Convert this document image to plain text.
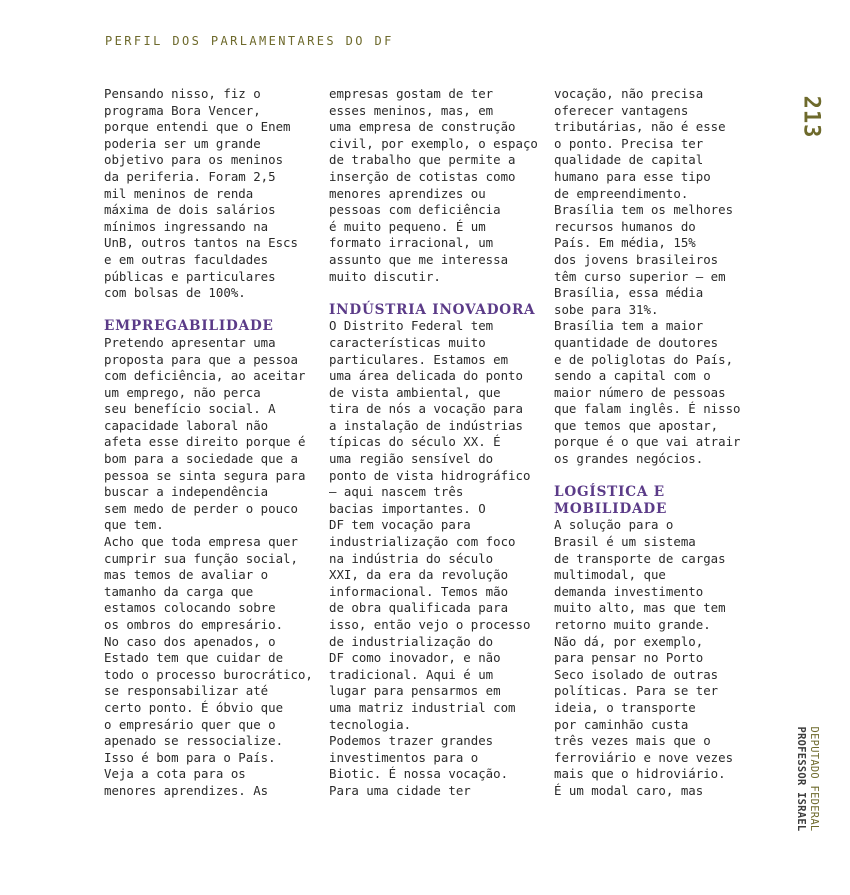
PERFIL DOS PARLAMENTARES DO DF
213
DEPUTADO FEDERAL
PROFESSOR ISRAEL
Pensando nisso, fiz o
programa Bora Vencer,
porque entendi que o Enem
poderia ser um grande
objetivo para os meninos
da periferia. Foram 2,5
mil meninos de renda
máxima de dois salários
mínimos ingressando na
UnB, outros tantos na Escs
e em outras faculdades
públicas e particulares
com bolsas de 100%.
EMPREGABILIDADE
Pretendo apresentar uma
proposta para que a pessoa
com deficiência, ao aceitar
um emprego, não perca
seu benefício social. A
capacidade laboral não
afeta esse direito porque é
bom para a sociedade que a
pessoa se sinta segura para
buscar a independência
sem medo de perder o pouco
que tem.
Acho que toda empresa quer
cumprir sua função social,
mas temos de avaliar o
tamanho da carga que
estamos colocando sobre
os ombros do empresário.
No caso dos apenados, o
Estado tem que cuidar de
todo o processo burocrático,
se responsabilizar até
certo ponto. É óbvio que
o empresário quer que o
apenado se ressocialize.
Isso é bom para o País.
Veja a cota para os
menores aprendizes. As
empresas gostam de ter
esses meninos, mas, em
uma empresa de construção
civil, por exemplo, o espaço
de trabalho que permite a
inserção de cotistas como
menores aprendizes ou
pessoas com deficiência
é muito pequeno. É um
formato irracional, um
assunto que me interessa
muito discutir.
INDÚSTRIA INOVADORA
O Distrito Federal tem
características muito
particulares. Estamos em
uma área delicada do ponto
de vista ambiental, que
tira de nós a vocação para
a instalação de indústrias
típicas do século XX. É
uma região sensível do
ponto de vista hidrográfico
— aqui nascem três
bacias importantes. O
DF tem vocação para
industrialização com foco
na indústria do século
XXI, da era da revolução
informacional. Temos mão
de obra qualificada para
isso, então vejo o processo
de industrialização do
DF como inovador, e não
tradicional. Aqui é um
lugar para pensarmos em
uma matriz industrial com
tecnologia.
Podemos trazer grandes
investimentos para o
Biotic. É nossa vocação.
Para uma cidade ter
vocação, não precisa
oferecer vantagens
tributárias, não é esse
o ponto. Precisa ter
qualidade de capital
humano para esse tipo
de empreendimento.
Brasília tem os melhores
recursos humanos do
País. Em média, 15%
dos jovens brasileiros
têm curso superior — em
Brasília, essa média
sobe para 31%.
Brasília tem a maior
quantidade de doutores
e de poliglotas do País,
sendo a capital com o
maior número de pessoas
que falam inglês. É nisso
que temos que apostar,
porque é o que vai atrair
os grandes negócios.
LOGÍSTICA E
MOBILIDADE
A solução para o
Brasil é um sistema
de transporte de cargas
multimodal, que
demanda investimento
muito alto, mas que tem
retorno muito grande.
Não dá, por exemplo,
para pensar no Porto
Seco isolado de outras
políticas. Para se ter
ideia, o transporte
por caminhão custa
três vezes mais que o
ferroviário e nove vezes
mais que o hidroviário.
É um modal caro, mas
